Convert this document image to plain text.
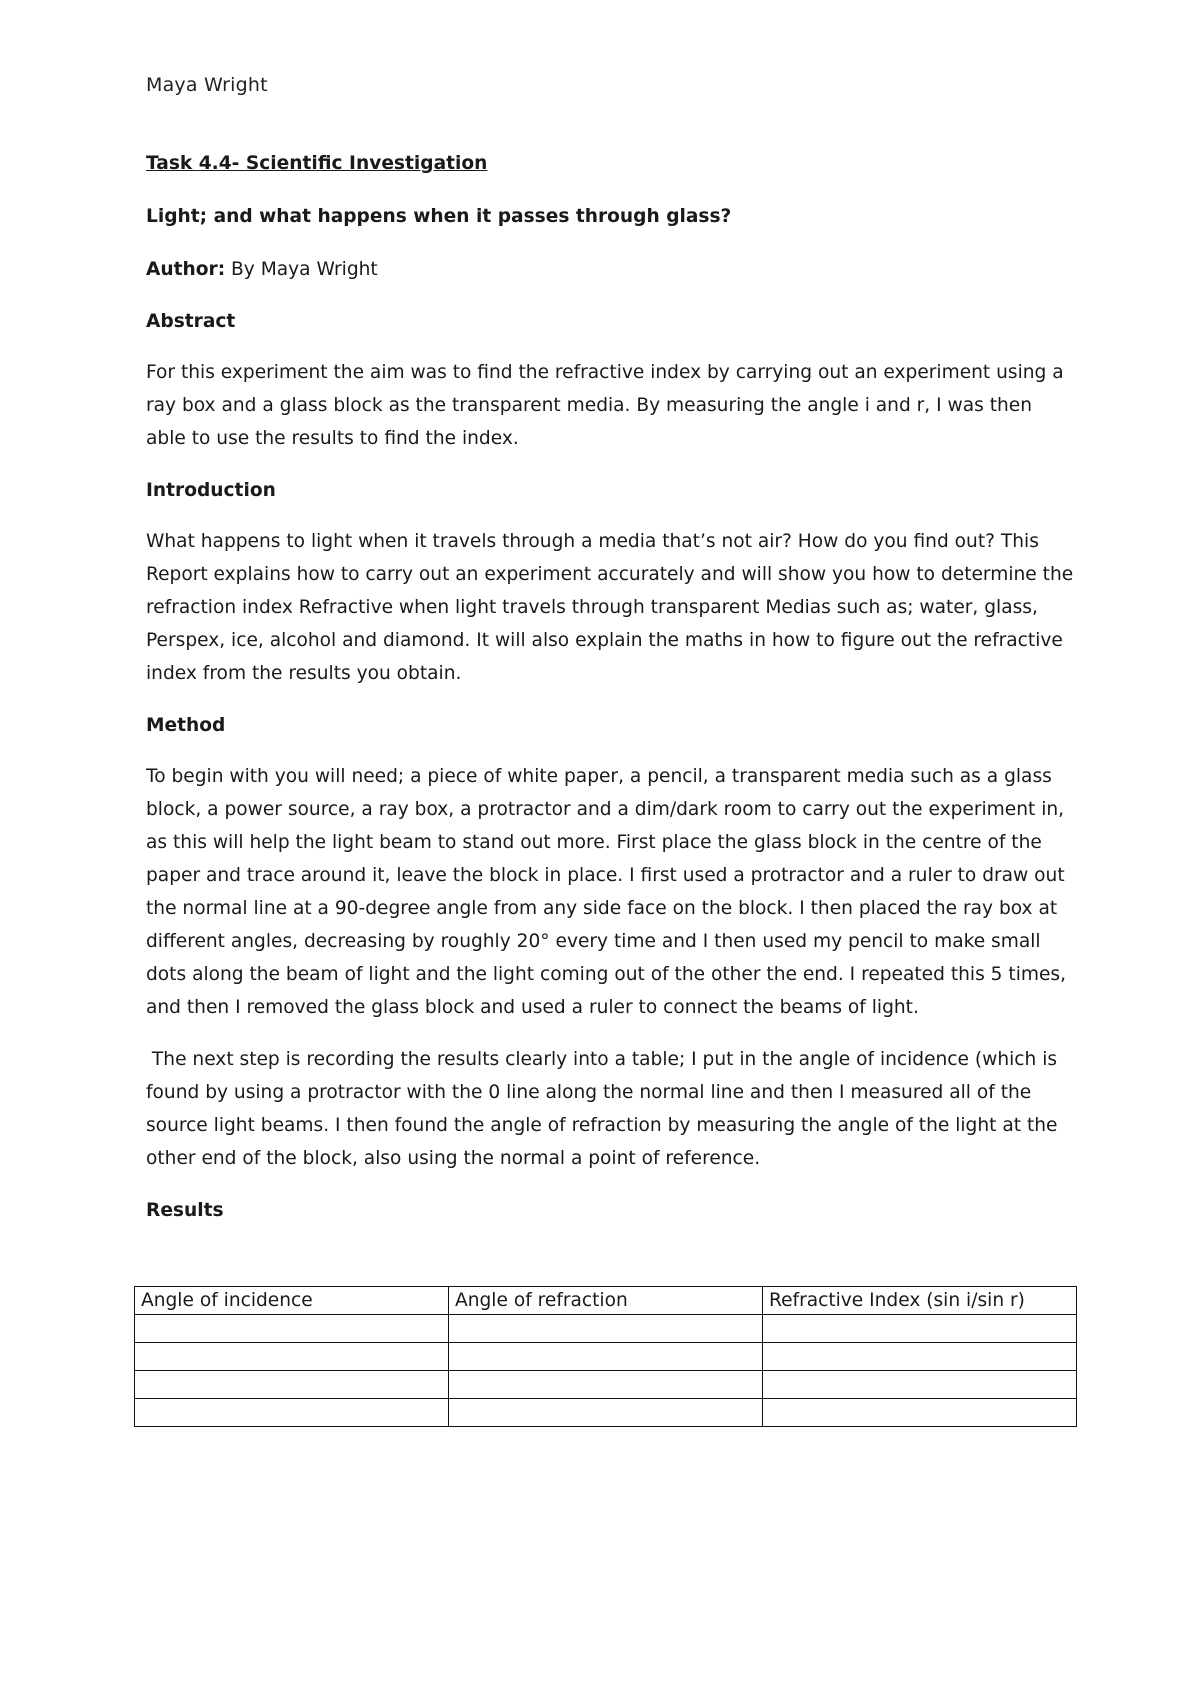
Maya Wright

Task 4.4- Scientific Investigation

Light; and what happens when it passes through glass?

Author: By Maya Wright

Abstract

For this experiment the aim was to find the refractive index by carrying out an experiment using a ray box and a glass block as the transparent media. By measuring the angle i and r, I was then able to use the results to find the index.

Introduction

What happens to light when it travels through a media that’s not air? How do you find out? This Report explains how to carry out an experiment accurately and will show you how to determine the refraction index Refractive when light travels through transparent Medias such as; water, glass, Perspex, ice, alcohol and diamond. It will also explain the maths in how to figure out the refractive index from the results you obtain.

Method

To begin with you will need; a piece of white paper, a pencil, a transparent media such as a glass block, a power source, a ray box, a protractor and a dim/dark room to carry out the experiment in, as this will help the light beam to stand out more. First place the glass block in the centre of the paper and trace around it, leave the block in place. I first used a protractor and a ruler to draw out the normal line at a 90-degree angle from any side face on the block. I then placed the ray box at different angles, decreasing by roughly 20° every time and I then used my pencil to make small dots along the beam of light and the light coming out of the other the end. I repeated this 5 times, and then I removed the glass block and used a ruler to connect the beams of light.

The next step is recording the results clearly into a table; I put in the angle of incidence (which is found by using a protractor with the 0 line along the normal line and then I measured all of the source light beams. I then found the angle of refraction by measuring the angle of the light at the other end of the block, also using the normal a point of reference.

Results

Angle of incidence	Angle of refraction	Refractive Index (sin i/sin r)
